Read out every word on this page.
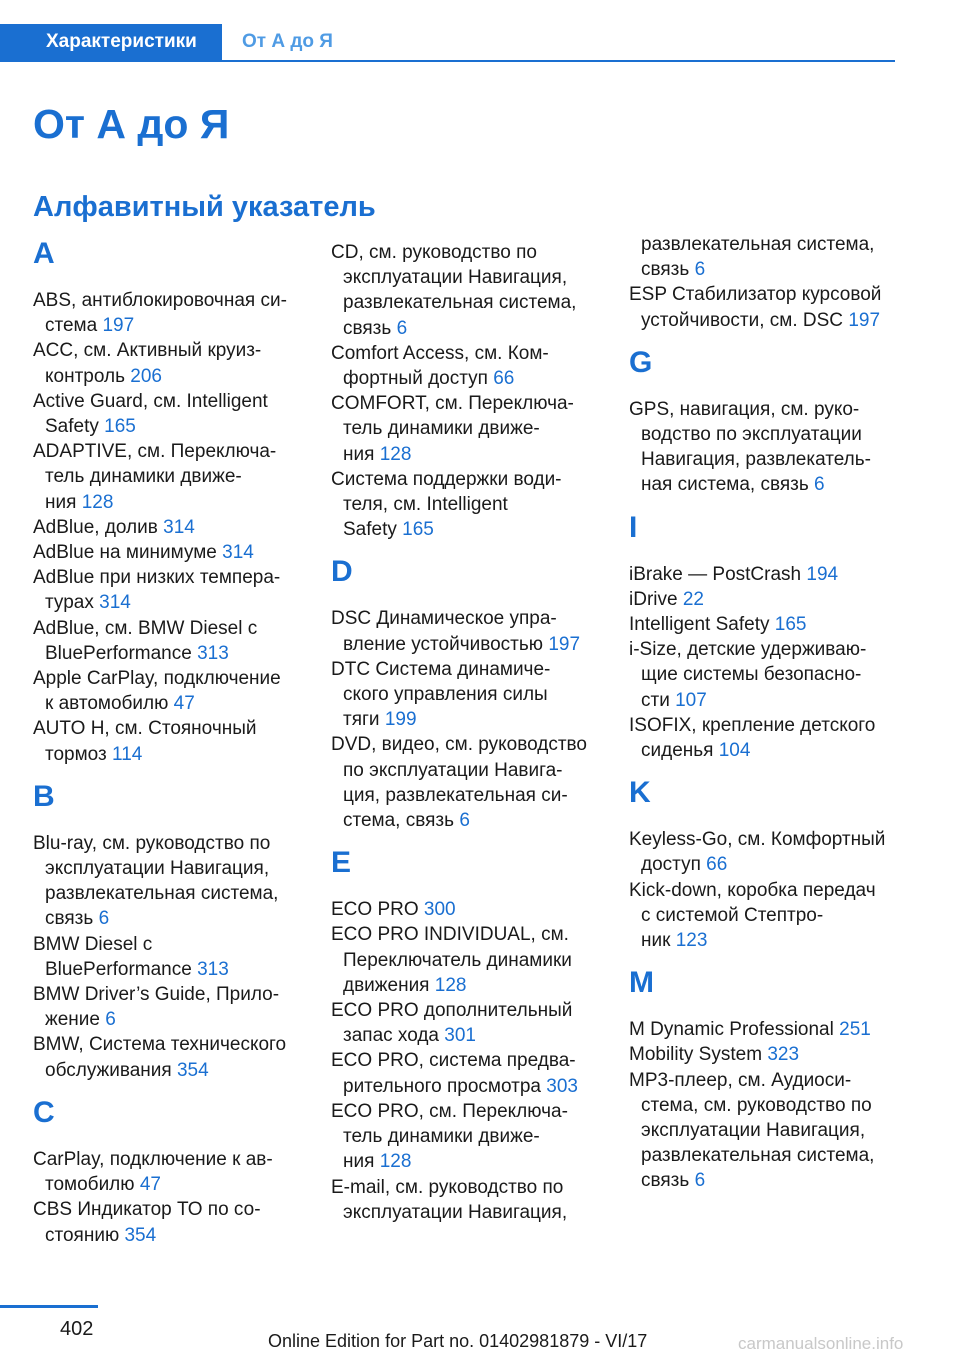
Характеристики	От А до Я
От А до Я
Алфавитный указатель
A

ABS, антиблокировочная си-
стема 197

ACC, см. Активный круиз-
контроль 206

Active Guard, см. Intelligent
Safety 165

ADAPTIVE, см. Переключа-
тель динамики движе-
ния 128

AdBlue, долив 314

AdBlue на минимуме 314

AdBlue при низких темпера-
турах 314

AdBlue, см. BMW Diesel с
BluePerformance 313

Apple CarPlay, подключение
к автомобилю 47

AUTO H, см. Стояночный
тормоз 114

B

Blu-ray, см. руководство по
эксплуатации Навигация,
развлекательная система,
связь 6

BMW Diesel с
BluePerformance 313

BMW Driver’s Guide, Прило-
жение 6

BMW, Система технического
обслуживания 354

C

CarPlay, подключение к ав-
томобилю 47

CBS Индикатор ТО по со-
стоянию 354

CD, см. руководство по
эксплуатации Навигация,
развлекательная система,
связь 6

Comfort Access, см. Ком-
фортный доступ 66

COMFORT, см. Переключа-
тель динамики движе-
ния 128

Система поддержки води-
теля, см. Intelligent
Safety 165

D

DSC Динамическое упра-
вление устойчивостью 197

DTC Система динамиче-
ского управления силы
тяги 199

DVD, видео, см. руководство
по эксплуатации Навига-
ция, развлекательная си-
стема, связь 6

E

ECO PRO 300

ECO PRO INDIVIDUAL, см.
Переключатель динамики
движения 128

ECO PRO дополнительный
запас хода 301

ECO PRO, система предва-
рительного просмотра 303

ECO PRO, см. Переключа-
тель динамики движе-
ния 128

E-mail, см. руководство по
эксплуатации Навигация,

развлекательная система,
связь 6

ESP Стабилизатор курсовой
устойчивости, см. DSC 197

G

GPS, навигация, см. руко-
водство по эксплуатации
Навигация, развлекатель-
ная система, связь 6

I

iBrake — PostCrash 194

iDrive 22

Intelligent Safety 165

i-Size, детские удерживаю-
щие системы безопасно-
сти 107

ISOFIX, крепление детского
сиденья 104

K

Keyless-Go, см. Комфортный
доступ 66

Kick-down, коробка передач
с системой Стептро-
ник 123

M

M Dynamic Professional 251

Mobility System 323

MP3-плеер, см. Аудиоси-
стема, см. руководство по
эксплуатации Навигация,
развлекательная система,
связь 6

402
Online Edition for Part no. 01402981879 - VI/17	carmanualsonline.info
